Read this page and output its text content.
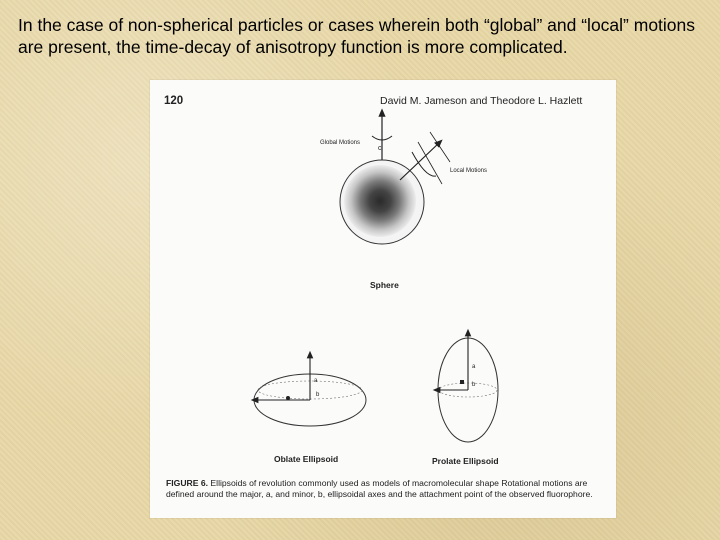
In the case of non-spherical particles or cases wherein both “global” and “local” motions are present, the time-decay of anisotropy function is more complicated.
120	David M. Jameson and Theodore L. Hazlett
Global Motions
c
Local Motions
Sphere
a
b
Oblate Ellipsoid
a
b
Prolate Ellipsoid
FIGURE 6. Ellipsoids of revolution commonly used as models of macromolecular shape Rotational motions are defined around the major, a, and minor, b, ellipsoidal axes and the attachment point of the observed fluorophore.
